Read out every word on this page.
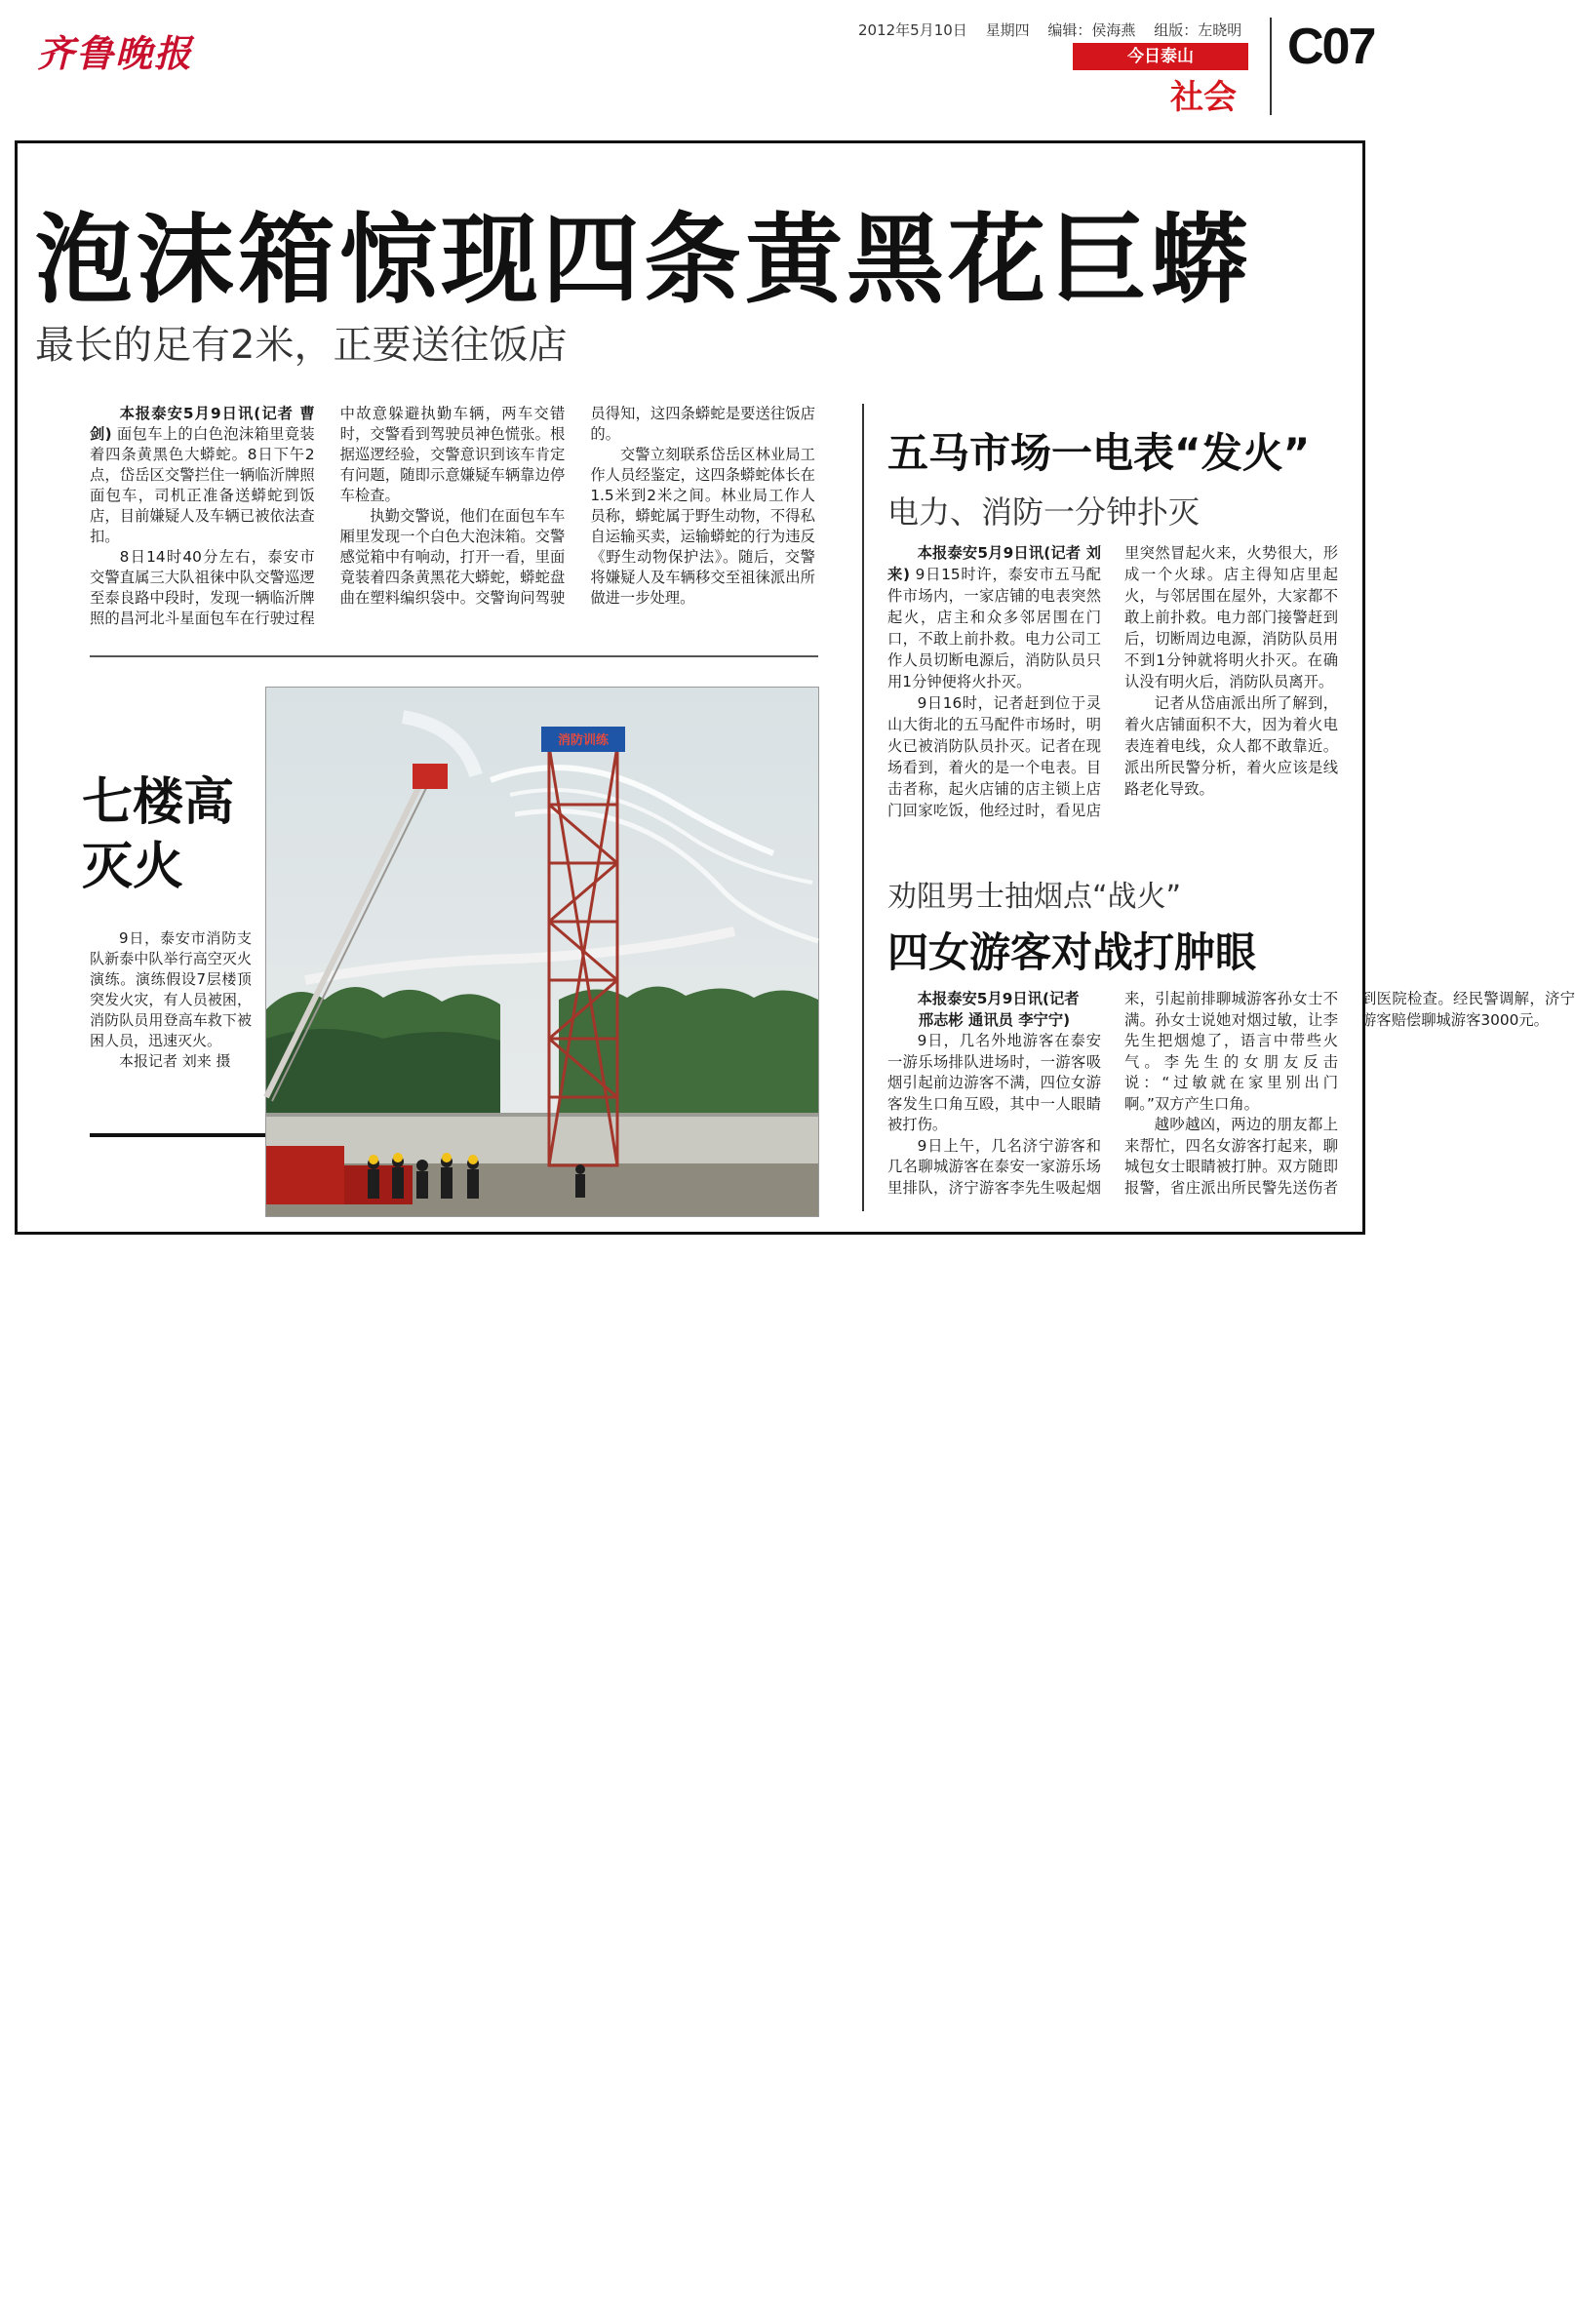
齐鲁晚报
2012年5月10日 星期四 编辑：侯海燕 组版：左晓明
今日泰山
社会
C07
泡沫箱惊现四条黄黑花巨蟒
最长的足有2米，正要送往饭店

本报泰安5月9日讯(记者 曹剑) 面包车上的白色泡沫箱里竟装着四条黄黑色大蟒蛇。8日下午2点，岱岳区交警拦住一辆临沂牌照面包车，司机正准备送蟒蛇到饭店，目前嫌疑人及车辆已被依法查扣。

8日14时40分左右，泰安市交警直属三大队祖徕中队交警巡逻至泰良路中段时，发现一辆临沂牌照的昌河北斗星面包车在行驶过程中故意躲避执勤车辆，两车交错时，交警看到驾驶员神色慌张。根据巡逻经验，交警意识到该车肯定有问题，随即示意嫌疑车辆靠边停车检查。

执勤交警说，他们在面包车车厢里发现一个白色大泡沫箱。交警感觉箱中有响动，打开一看，里面竟装着四条黄黑花大蟒蛇，蟒蛇盘曲在塑料编织袋中。交警询问驾驶员得知，这四条蟒蛇是要送往饭店的。

交警立刻联系岱岳区林业局工作人员经鉴定，这四条蟒蛇体长在1.5米到2米之间。林业局工作人员称，蟒蛇属于野生动物，不得私自运输买卖，运输蟒蛇的行为违反《野生动物保护法》。随后，交警将嫌疑人及车辆移交至祖徕派出所做进一步处理。

七楼高灭火

9日，泰安市消防支队新泰中队举行高空灭火演练。演练假设7层楼顶突发火灾，有人员被困，消防队员用登高车救下被困人员，迅速灭火。

本报记者 刘来 摄

消防训练
五马市场一电表“发火”
电力、消防一分钟扑灭

本报泰安5月9日讯(记者 刘来) 9日15时许，泰安市五马配件市场内，一家店铺的电表突然起火，店主和众多邻居围在门口，不敢上前扑救。电力公司工作人员切断电源后，消防队员只用1分钟便将火扑灭。

9日16时，记者赶到位于灵山大街北的五马配件市场时，明火已被消防队员扑灭。记者在现场看到，着火的是一个电表。目击者称，起火店铺的店主锁上店门回家吃饭，他经过时，看见店里突然冒起火来，火势很大，形成一个火球。店主得知店里起火，与邻居围在屋外，大家都不敢上前扑救。电力部门接警赶到后，切断周边电源，消防队员用不到1分钟就将明火扑灭。在确认没有明火后，消防队员离开。

记者从岱庙派出所了解到，着火店铺面积不大，因为着火电表连着电线，众人都不敢靠近。派出所民警分析，着火应该是线路老化导致。

劝阻男士抽烟点“战火”
四女游客对战打肿眼

本报泰安5月9日讯(记者

邢志彬 通讯员 李宁宁)

9日，几名外地游客在泰安一游乐场排队进场时，一游客吸烟引起前边游客不满，四位女游客发生口角互殴，其中一人眼睛被打伤。

9日上午，几名济宁游客和几名聊城游客在泰安一家游乐场里排队，济宁游客李先生吸起烟来，引起前排聊城游客孙女士不满。孙女士说她对烟过敏，让李先生把烟熄了，语言中带些火气。李先生的女朋友反击说：“过敏就在家里别出门啊。”双方产生口角。

越吵越凶，两边的朋友都上来帮忙，四名女游客打起来，聊城包女士眼睛被打肿。双方随即报警，省庄派出所民警先送伤者到医院检查。经民警调解，济宁游客赔偿聊城游客3000元。
